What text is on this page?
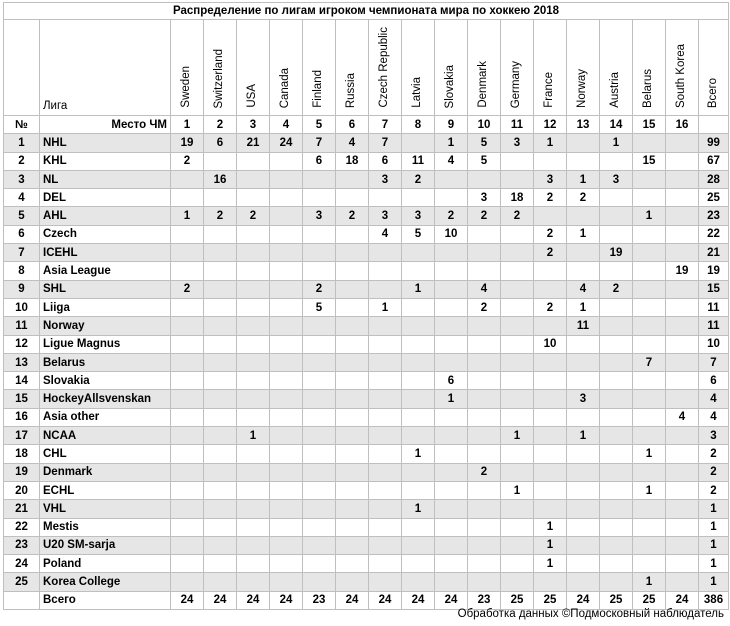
Распределение по лигам игроком чемпионата мира по хоккею 2018																		
	Лига	Sweden	Switzerland	USA	Canada	Finland	Russia	Czech Republic	Latvia	Slovakia	Denmark	Germany	France	Norway	Austria	Belarus	South Korea	Всего
№	Место ЧМ	1	2	3	4	5	6	7	8	9	10	11	12	13	14	15	16	
1	NHL	19	6	21	24	7	4	7		1	5	3	1		1			99
2	KHL	2				6	18	6	11	4	5					15		67
3	NL		16					3	2				3	1	3			28
4	DEL										3	18	2	2				25
5	AHL	1	2	2		3	2	3	3	2	2	2				1		23
6	Czech							4	5	10			2	1				22
7	ICEHL												2		19			21
8	Asia League																19	19
9	SHL	2				2			1		4			4	2			15
10	Liiga					5		1			2		2	1				11
11	Norway													11				11
12	Ligue Magnus												10					10
13	Belarus															7		7
14	Slovakia									6								6
15	HockeyAllsvenskan									1				3				4
16	Asia other																4	4
17	NCAA			1								1		1				3
18	CHL								1							1		2
19	Denmark										2							2
20	ECHL											1				1		2
21	VHL								1									1
22	Mestis												1					1
23	U20 SM-sarja												1					1
24	Poland												1					1
25	Korea College															1		1
	Всего	24	24	24	24	23	24	24	24	24	23	25	25	24	25	25	24	386
Обработка данных ©Подмосковный наблюдатель
